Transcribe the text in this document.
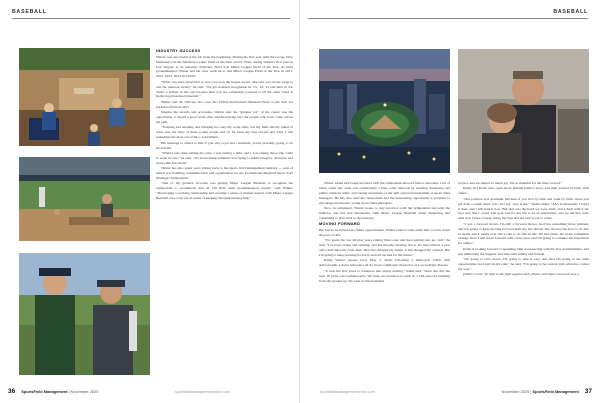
BASEBALL
INDUSTRY SUCCESS

Winter was successful at his job from the beginning. During his first year with the Loons, Dow Diamond won the Midwest League Field of the Year award. Then, during Winter's first year in Fort Wayne, as an assistant, Parkview Field won Minor League Field of the Year. As head groundskeeper, Winter and his crew went on to win Minor League Field of the Year in 2011, 2012, 2023, 2024 and 2024.

"What was been about that is once you won the league award, that puts you on the stage to win the national award," he said. "We got national recognition in '13, '14, '15 and then in '24. That's a feather in the cap because then you are comparing yourself to all the other Class A fields in professional baseball."

Winter and the TinCaps also won the STMA Professional Baseball Field of the Year for Parkview Field in 2017.

Despite the awards and accolades, Winter said the "greatest joy" of his career was the opportunity to instill a good work ethic and knowledge into the people who have come across his path.

"Training and teaching and bringing not only my work ethic, but my faith and my belief in Jesus into the lives of these young people has by far been my best reward and what I will remember the most out of this," said Winter.

His message to others is that if you stay loyal and consistent, you're probably going to be successful.

"When I was done raising my sons, I was raising a field, and I was raising those who came to work for me," he said. "It's about being authentic and trying to instill integrity, character and work ethic into them."

Winter has also spent years giving back to the sports field management industry — part of which was handling communication and organization for the Professional Baseball Sports Turf Managers Symposium.

"One of my greatest victories was getting Major League Baseball to recognize the symposium to recommend that all 120 PDL team groundskeepers attend," said Winter. "Developing a working relationship and creating a sense of mutual respect with Major League Baseball was a big win in terms of keeping the symposium going."

36 SportsField Management | November 2025	sportsfieldmanagementonline.com
BASEBALL

Winter added that being involved with the symposium allowed him to introduce a bit of white collar into what was traditionally a blue collar network by teaching marketing and public relations skills, and raising awareness of the skill and professionalism of sports field managers. He has also used the symposium and the networking opportunity it provides to encourage and mentor young sports field managers.

Now, in retirement, Winter hopes to stay involved with the symposium and with the industry, and has had discussions with Major League Baseball about mentoring and continuing to give back to the industry.

MOVING FORWARD

But before he delves into future opportunities, Winter plans to take some time to slow down the pace of life.

"I've spent the last 40-plus years raising three sons and then getting into pro ball," he said. "I've been racing and running, and I'm literally slowing down. It's been almost a year and a half since my wife died. That has changed my future. It has changed my outlook. But I'm going to keep pressing forward, and I'm excited for the future."

Kathy Winter passed away May 5, 2024, following a multi-year battle with Amyotrophic Lateral Sclerosis (ALS), more commonly referred to as Lou Gehrig's disease.

"It took her five years to transition into empty nesting," Keith said. "Once she did, the next 10 years were unbelievable. We built our downtown condo in a 140-year-old building from the ground up. We took on this beautiful

project, and we shared so much joy. I'm so thankful for the time we had."

Kathy and Keith were open about sharing Kathy's story, and their journey in faith, with others.

"Our position was gratitude. Because if you live by faith and walk by faith, when you get dealt a tough hand, you can't say, 'woe is me,'" Keith added. "ALS is miserable. I hated it then, and I still hate it now. But that was the hand we were dealt, and I dealt with it the best way that I could. The goal was for her life to be an inspiration, and we did that well. And now I have to keep doing my best and the best is yet to come.

"I was a forward mover. I'm still a forward mover. God has something more planned, and I'm going to keep moving forward until my last breath. She showed me how to do that in death, and it surely over that to her to do that in life. We had plans, but plans sometimes change. Now I will move forward with a new plan, and I'm going to continue the inspiration for others."

Keith is looking forward to spending time reconnecting with his five grandchildren, and just embracing the laughter and time with family and friends.

"I'm going to slow down, I'm going to take it easy, and then I'm going to see what opportunities God puts in my path," he said. "I'm going to be content with whatever comes my way."

[Editor's note: To help in the fight against ALS, please visit https://www.als.org/.]

sportsfieldmanagementonline.com	November 2025 | SportsField Management 37
